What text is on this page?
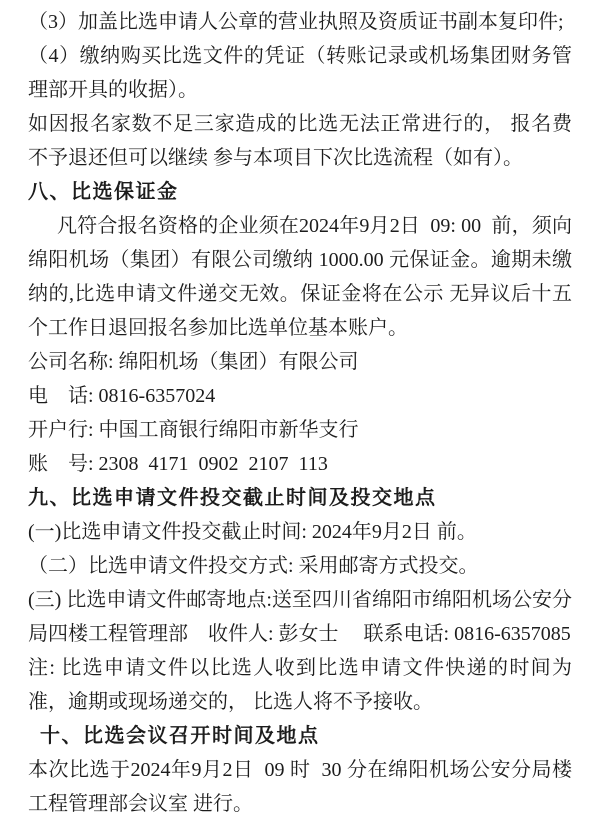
（3）加盖比选申请人公章的营业执照及资质证书副本复印件;

（4）缴纳购买比选文件的凭证（转账记录或机场集团财务管理部开具的收据）。

如因报名家数不足三家造成的比选无法正常进行的， 报名费不予退还但可以继续 参与本项目下次比选流程（如有）。

八、比选保证金

凡符合报名资格的企业须在2024年9月2日  09: 00  前，须向绵阳机场（集团）有限公司缴纳 1000.00 元保证金。逾期未缴纳的,比选申请文件递交无效。保证金将在公示 无异议后十五个工作日退回报名参加比选单位基本账户。

公司名称: 绵阳机场（集团）有限公司

电　话: 0816-6357024

开户行: 中国工商银行绵阳市新华支行

账　号: 2308  4171  0902  2107  113

九、比选申请文件投交截止时间及投交地点

(一)比选申请文件投交截止时间: 2024年9月2日 前。

（二）比选申请文件投交方式: 采用邮寄方式投交。

(三) 比选申请文件邮寄地点:送至四川省绵阳市绵阳机场公安分局四楼工程管理部　收件人: 彭女士　 联系电话: 0816-6357085

注: 比选申请文件以比选人收到比选申请文件快递的时间为准，逾期或现场递交的， 比选人将不予接收。

十、比选会议召开时间及地点

本次比选于2024年9月2日  09 时  30 分在绵阳机场公安分局楼工程管理部会议室 进行。
